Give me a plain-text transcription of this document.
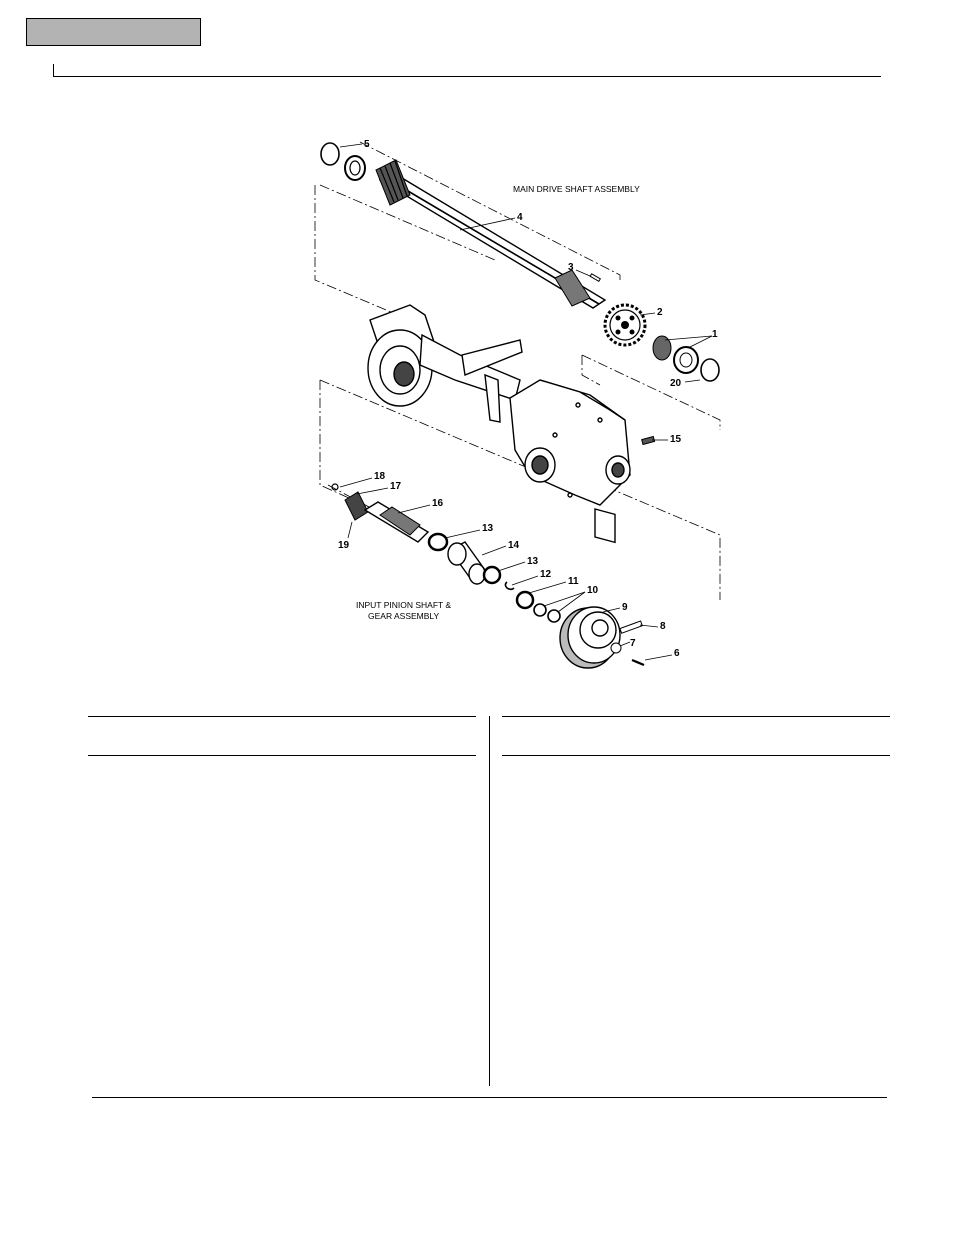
5
4
3
2
1
20
15
18
17
16
19
13
14
13
12
11
10
9
8
7
6
MAIN DRIVE SHAFT ASSEMBLY
INPUT PINION SHAFT &
GEAR ASSEMBLY
